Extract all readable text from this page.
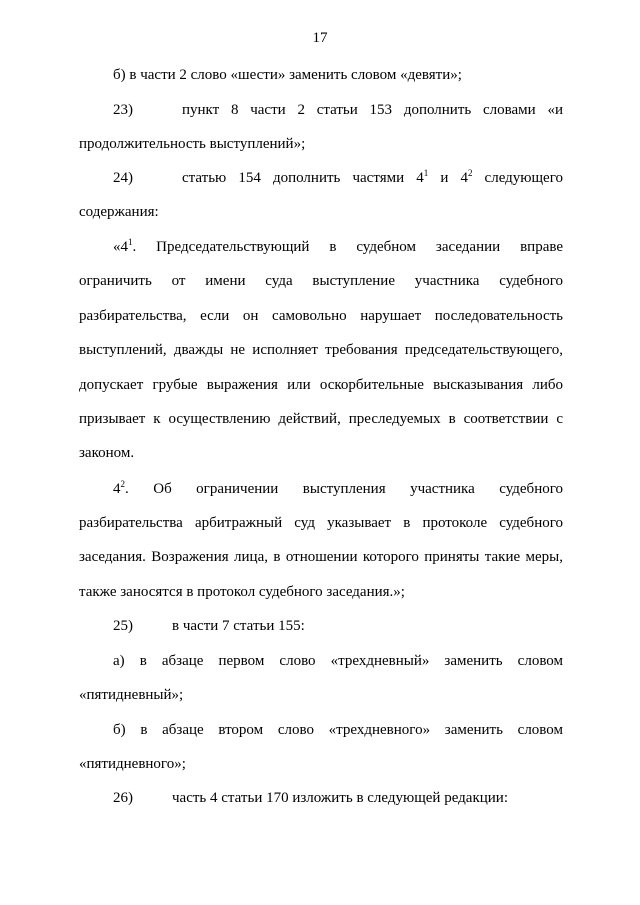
17
б) в части 2 слово «шести» заменить словом «девяти»;
23)	пункт 8 части 2 статьи 153 дополнить словами «и
продолжительность выступлений»;
24)	статью 154 дополнить частями $4^1$ и $4^2$ следующего
содержания:
«$4^1$. Председательствующий в судебном заседании вправе
ограничить от имени суда выступление участника судебного
разбирательства, если он самовольно нарушает последовательность
выступлений, дважды не исполняет требования председательствующего,
допускает грубые выражения или оскорбительные высказывания либо
призывает к осуществлению действий, преследуемых в соответствии с
законом.
$4^2$. Об ограничении выступления участника судебного
разбирательства арбитражный суд указывает в протоколе судебного
заседания. Возражения лица, в отношении которого приняты такие меры,
также заносятся в протокол судебного заседания.»;
25)	в части 7 статьи 155:
а) в абзаце первом слово «трехдневный» заменить словом
«пятидневный»;
б) в абзаце втором слово «трехдневного» заменить словом
«пятидневного»;
26)	часть 4 статьи 170 изложить в следующей редакции:
